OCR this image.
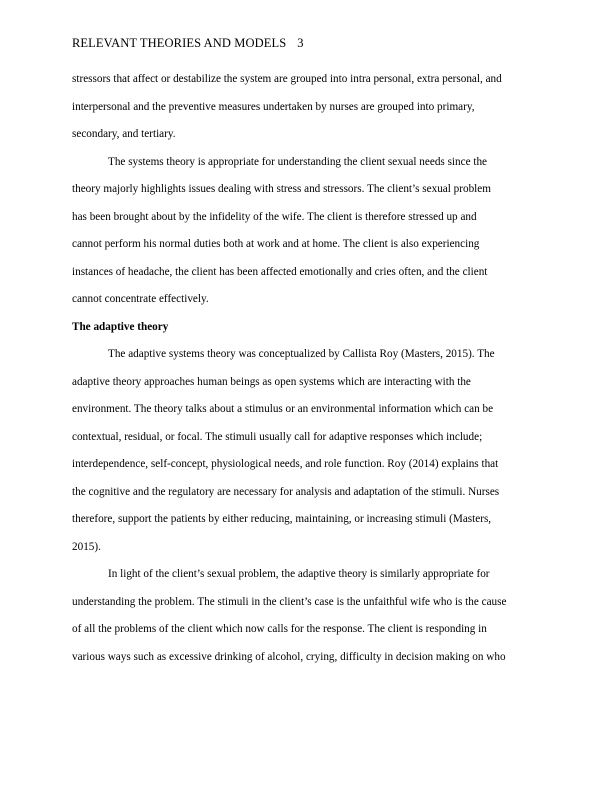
RELEVANT THEORIES AND MODELS 3
stressors that affect or destabilize the system are grouped into intra personal, extra personal, and
interpersonal and the preventive measures undertaken by nurses are grouped into primary,
secondary, and tertiary.
The systems theory is appropriate for understanding the client sexual needs since the
theory majorly highlights issues dealing with stress and stressors. The client’s sexual problem
has been brought about by the infidelity of the wife. The client is therefore stressed up and
cannot perform his normal duties both at work and at home. The client is also experiencing
instances of headache, the client has been affected emotionally and cries often, and the client
cannot concentrate effectively.
The adaptive theory
The adaptive systems theory was conceptualized by Callista Roy (Masters, 2015). The
adaptive theory approaches human beings as open systems which are interacting with the
environment. The theory talks about a stimulus or an environmental information which can be
contextual, residual, or focal. The stimuli usually call for adaptive responses which include;
interdependence, self-concept, physiological needs, and role function. Roy (2014) explains that
the cognitive and the regulatory are necessary for analysis and adaptation of the stimuli. Nurses
therefore, support the patients by either reducing, maintaining, or increasing stimuli (Masters,
2015).
In light of the client’s sexual problem, the adaptive theory is similarly appropriate for
understanding the problem. The stimuli in the client’s case is the unfaithful wife who is the cause
of all the problems of the client which now calls for the response. The client is responding in
various ways such as excessive drinking of alcohol, crying, difficulty in decision making on who
